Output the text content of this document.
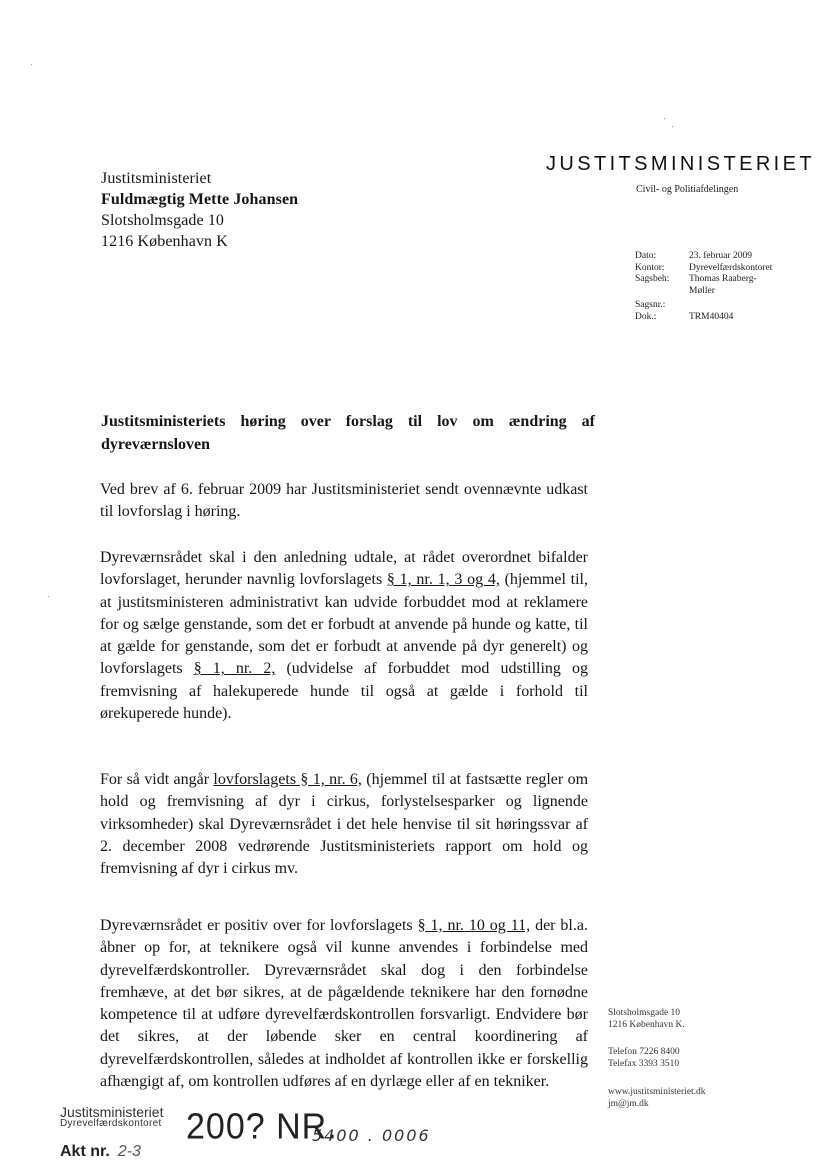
Justitsministeriet
Fuldmægtig Mette Johansen
Slotsholmsgade 10
1216 København K
JUSTITSMINISTERIET
Civil- og Politiafdelingen
Dato:	23. februar 2009
Kontor:	Dyrevelfærdskontoret
Sagsbeh:	Thomas Raaberg-
Møller
Sagsnr.:
Dok.:	TRM40404
Justitsministeriets høring over forslag til lov om ændring af dyreværnsloven
Ved brev af 6. februar 2009 har Justitsministeriet sendt ovennævnte udkast til lovforslag i høring.
Dyreværnsrådet skal i den anledning udtale, at rådet overordnet bifalder lovforslaget, herunder navnlig lovforslagets § 1, nr. 1, 3 og 4, (hjemmel til, at justitsministeren administrativt kan udvide forbuddet mod at reklamere for og sælge genstande, som det er forbudt at anvende på hunde og katte, til at gælde for genstande, som det er forbudt at anvende på dyr generelt) og lovforslagets § 1, nr. 2, (udvidelse af forbuddet mod udstilling og fremvisning af halekuperede hunde til også at gælde i forhold til ørekuperede hunde).
For så vidt angår lovforslagets § 1, nr. 6, (hjemmel til at fastsætte regler om hold og fremvisning af dyr i cirkus, forlystelsesparker og lignende virksomheder) skal Dyreværnsrådet i det hele henvise til sit høringssvar af 2. december 2008 vedrørende Justitsministeriets rapport om hold og fremvisning af dyr i cirkus mv.
Dyreværnsrådet er positiv over for lovforslagets § 1, nr. 10 og 11, der bl.a. åbner op for, at teknikere også vil kunne anvendes i forbindelse med dyrevelfærdskontroller. Dyreværnsrådet skal dog i den forbindelse fremhæve, at det bør sikres, at de pågældende teknikere har den fornødne kompetence til at udføre dyrevelfærdskontrollen forsvarligt. Endvidere bør det sikres, at der løbende sker en central koordinering af dyrevelfærdskontrollen, således at indholdet af kontrollen ikke er forskellig afhængigt af, om kontrollen udføres af en dyrlæge eller af en tekniker.
Slotsholmsgade 10
1216 København K.
Telefon 7226 8400
Telefax 3393 3510
www.justitsministeriet.dk
jm@jm.dk
Justitsministeriet
Dyrevelfærdskontoret 200? NR.
5400 . 0006
Akt nr. 2-3
